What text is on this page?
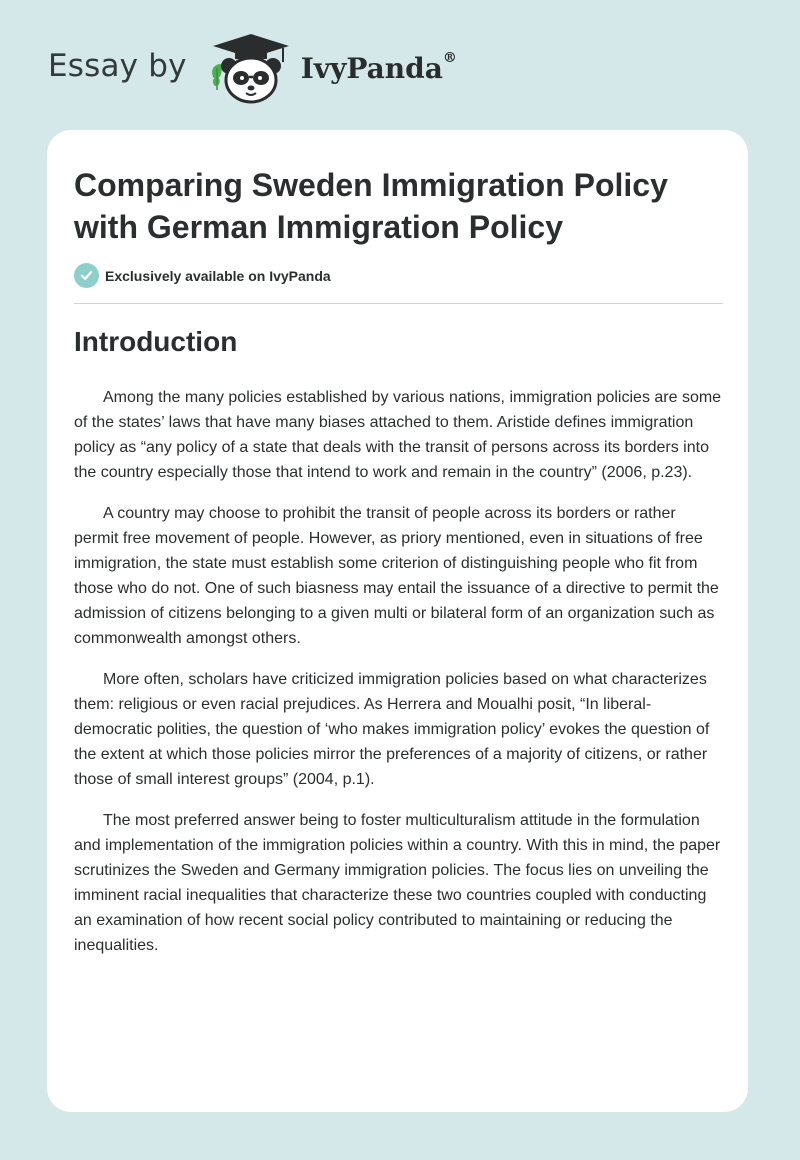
Essay by	IvyPanda®
Comparing Sweden Immigration Policy with German Immigration Policy
Exclusively available on IvyPanda
Introduction

Among the many policies established by various nations, immigration policies are some of the states’ laws that have many biases attached to them. Aristide defines immigration policy as “any policy of a state that deals with the transit of persons across its borders into the country especially those that intend to work and remain in the country” (2006, p.23).

A country may choose to prohibit the transit of people across its borders or rather permit free movement of people. However, as priory mentioned, even in situations of free immigration, the state must establish some criterion of distinguishing people who fit from those who do not. One of such biasness may entail the issuance of a directive to permit the admission of citizens belonging to a given multi or bilateral form of an organization such as commonwealth amongst others.

More often, scholars have criticized immigration policies based on what characterizes them: religious or even racial prejudices. As Herrera and Moualhi posit, “In liberal-democratic polities, the question of ‘who makes immigration policy’ evokes the question of the extent at which those policies mirror the preferences of a majority of citizens, or rather those of small interest groups” (2004, p.1).

The most preferred answer being to foster multiculturalism attitude in the formulation and implementation of the immigration policies within a country. With this in mind, the paper scrutinizes the Sweden and Germany immigration policies. The focus lies on unveiling the imminent racial inequalities that characterize these two countries coupled with conducting an examination of how recent social policy contributed to maintaining or reducing the inequalities.
